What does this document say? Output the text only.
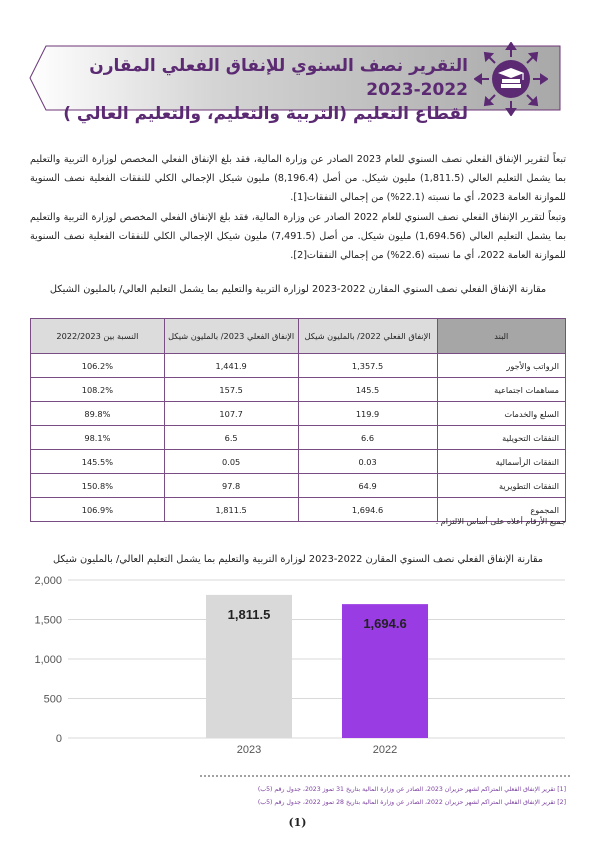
التقرير نصف السنوي للإنفاق الفعلي المقارن 2022-2023
لقطاع التعليم (التربية والتعليم، والتعليم العالي )
تبعاً لتقرير الإنفاق الفعلي نصف السنوي للعام 2023 الصادر عن وزارة المالية، فقد بلغ الإنفاق الفعلي المخصص لوزارة التربية والتعليم بما يشمل التعليم العالي (1,811.5) مليون شيكل. من أصل (8,196.4) مليون شيكل الإجمالي الكلي للنفقات الفعلية نصف السنوية للموازنة العامة 2023، أي ما نسبته (22.1%) من إجمالي النفقات[1].
وتبعاً لتقرير الإنفاق الفعلي نصف السنوي للعام 2022 الصادر عن وزارة المالية، فقد بلغ الإنفاق الفعلي المخصص لوزارة التربية والتعليم بما يشمل التعليم العالي (1,694.56) مليون شيكل. من أصل (7,491.5) مليون شيكل الإجمالي الكلي للنفقات الفعلية نصف السنوية للموازنة العامة 2022، أي ما نسبته (22.6%) من إجمالي النفقات[2].
مقارنة الإنفاق الفعلي نصف السنوي المقارن 2022-2023 لوزارة التربية والتعليم بما يشمل التعليم العالي/ بالمليون الشيكل
البند	الإنفاق الفعلي 2022/ بالمليون شيكل	الإنفاق الفعلي 2023/ بالمليون شيكل	النسبة بين 2022/2023
الرواتب والأجور	1,357.5	1,441.9	106.2%
مساهمات اجتماعية	145.5	157.5	108.2%
السلع والخدمات	119.9	107.7	89.8%
النفقات التحويلية	6.6	6.5	98.1%
النفقات الرأسمالية	0.03	0.05	145.5%
النفقات التطويرية	64.9	97.8	150.8%
المجموع	1,694.6	1,811.5	106.9%
جميع الأرقام أعلاه على أساس الالتزام .
مقارنة الإنفاق الفعلي نصف السنوي المقارن 2022-2023 لوزارة التربية والتعليم بما يشمل التعليم العالي/ بالمليون شيكل
0
500
1,000
1,500
2,000
1,811.5
2023
1,694.6
2022
[1] تقرير الإنفاق الفعلي المتراكم لشهر حزيران 2023، الصادر عن وزارة المالية بتاريخ 31 تموز 2023، جدول رقم (5ب)
[2] تقرير الإنفاق الفعلي المتراكم لشهر حزيران 2022، الصادر عن وزارة المالية بتاريخ 28 تموز 2022، جدول رقم (5ب)
(1)
